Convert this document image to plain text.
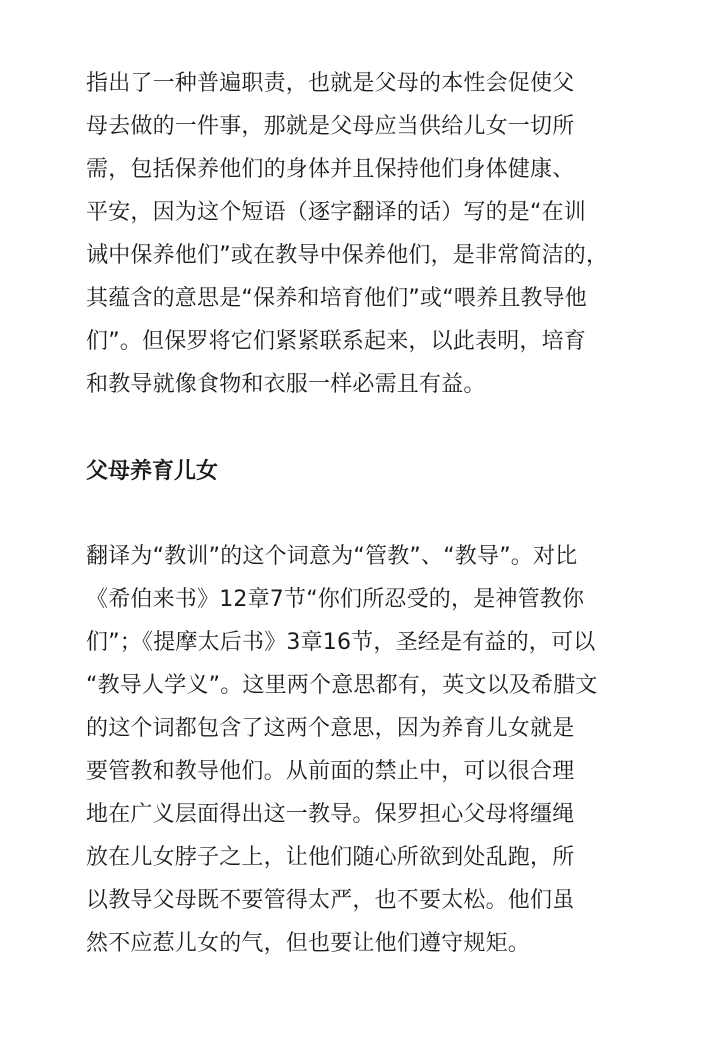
指出了一种普遍职责，也就是父母的本性会促使父
母去做的一件事，那就是父母应当供给儿女一切所
需，包括保养他们的身体并且保持他们身体健康、
平安，因为这个短语（逐字翻译的话）写的是“在训
诫中保养他们”或在教导中保养他们，是非常简洁的，
其蕴含的意思是“保养和培育他们”或“喂养且教导他
们”。但保罗将它们紧紧联系起来，以此表明，培育
和教导就像食物和衣服一样必需且有益。
父母养育儿女
翻译为“教训”的这个词意为“管教”、“教导”。对比
《希伯来书》12章7节“你们所忍受的，是神管教你
们”；《提摩太后书》3章16节，圣经是有益的，可以
“教导人学义”。这里两个意思都有，英文以及希腊文
的这个词都包含了这两个意思，因为养育儿女就是
要管教和教导他们。从前面的禁止中，可以很合理
地在广义层面得出这一教导。保罗担心父母将缰绳
放在儿女脖子之上，让他们随心所欲到处乱跑，所
以教导父母既不要管得太严，也不要太松。他们虽
然不应惹儿女的气，但也要让他们遵守规矩。
